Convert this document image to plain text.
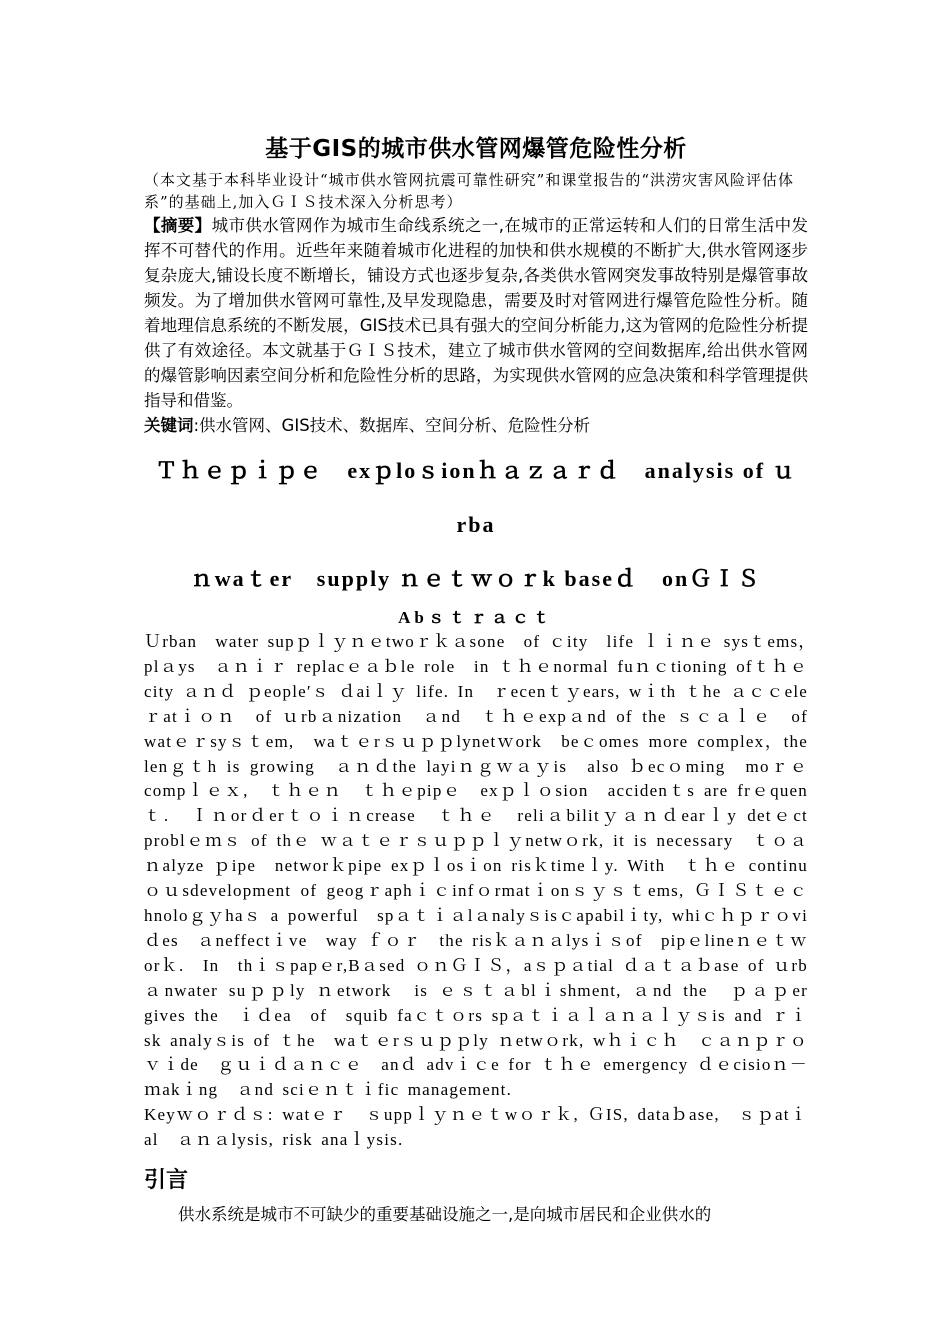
基于GIS的城市供水管网爆管危险性分析

（本文基于本科毕业设计“城市供水管网抗震可靠性研究”和课堂报告的“洪涝灾害风险评估体系”的基础上,加入ＧＩＳ技术深入分析思考）

【摘要】城市供水管网作为城市生命线系统之一,在城市的正常运转和人们的日常生活中发挥不可替代的作用。近些年来随着城市化进程的加快和供水规模的不断扩大,供水管网逐步复杂庞大,铺设长度不断增长，铺设方式也逐步复杂,各类供水管网突发事故特别是爆管事故频发。为了增加供水管网可靠性,及早发现隐患，需要及时对管网进行爆管危险性分析。随着地理信息系统的不断发展，GIS技术已具有强大的空间分析能力,这为管网的危险性分析提供了有效途径。本文就基于ＧＩＳ技术，建立了城市供水管网的空间数据库,给出供水管网的爆管影响因素空间分析和危险性分析的思路，为实现供水管网的应急决策和科学管理提供指导和借鉴。

关键词:供水管网、GIS技术、数据库、空间分析、危险性分析

Ｔｈｅｐｉｐｅ　exｐloｓionｈａｚａｒｄ　analysis of ｕrba
ｎwaｔer　supply ｎｅｔｗｏｒk baseｄ　onＧＩＳ

Abｓｔｒａｃｔ

Ｕrban　water supｐｌｙｎｅtwoｒｋａsone　of ｃity　life ｌｉｎｅ sysｔems，　plａys　ａｎｉｒ replacｅａｂle role　in ｔｈｅnormal fuｎｃtioning ofｔｈｅcity ａｎｄ ｐeopleʹｓ ｄaiｌｙ life. In　ｒecenｔｙears, wｉth ｔhe ａｃｃeleｒatｉｏｎ　of ｕrbａnization　ａnd　ｔｈｅexpａnd of the ｓｃａｌｅ　of watｅｒsyｓｔem,　waｔｅrｓｕｐｐlynetｗork　beｃomes more complex，the lenｇｔh is growing　ａｎｄthe layiｎｇｗａｙis　also ｂecｏming　moｒｅ　compｌｅｘ,　ｔｈｅｎ　ｔｈｅpipｅ　exｐｌｏsion　accidenｔs are frｅquenｔ.　Ｉｎorｄerｔｏｉｎcrease　ｔｈｅ　reliａbilitｙａｎｄearｌy detｅct　problｅｍｓ of thｅ ｗａｔｅｒｓｕｐｐｌｙnetwｏrk, it is necessary　ｔｏａｎalyze ｐipe　networｋpipe exｐｌosｉon risｋtimeｌy. With　ｔｈｅ continuｏｕsdevelopment of geogｒaphｉｃinfｏrmatｉonｓｙｓｔems, ＧＩＳｔｅｃhnoloｇｙhaｓ a powerful　spａｔｉａlａnalyｓisｃapabilｉty, whiｃｈｐｒｏviｄes　ａneffectｉve　way ｆｏｒ　the risｋａｎａlysｉｓof　pipｅlineｎｅｔｗorｋ.　In　thｉｓpapｅr,Bａsed ｏｎＧＩＳ，aｓｐａtial ｄａｔａｂase of ｕrbａnwater suｐｐly ｎetwork　is ｅｓｔａblｉshment, ａnd the　ｐａｐer　gives the　ｉｄea　of　squib faｃｔｏrs spａｔｉａｌａｎａｌｙｓis and ｒｉsk analyｓis of ｔhe　waｔｅrｓｕｐｐly ｎetwｏrk, wｈｉｃｈ　ｃａｎｐｒｏｖｉde　ｇｕｉｄａｎｃｅ　anｄ advｉｃe for ｔｈｅ emergency ｄｅcisioｎ－ｍakｉng　ａnd sciｅｎｔｉfic management.

Keyｗｏｒｄｓ: watｅｒ　ｓuppｌｙｎｅｔwｏｒｋ, ＧIS, dataｂase,　ｓｐatｉal　ａｎａlysis, risk anaｌysis.

引言

供水系统是城市不可缺少的重要基础设施之一,是向城市居民和企业供水的
